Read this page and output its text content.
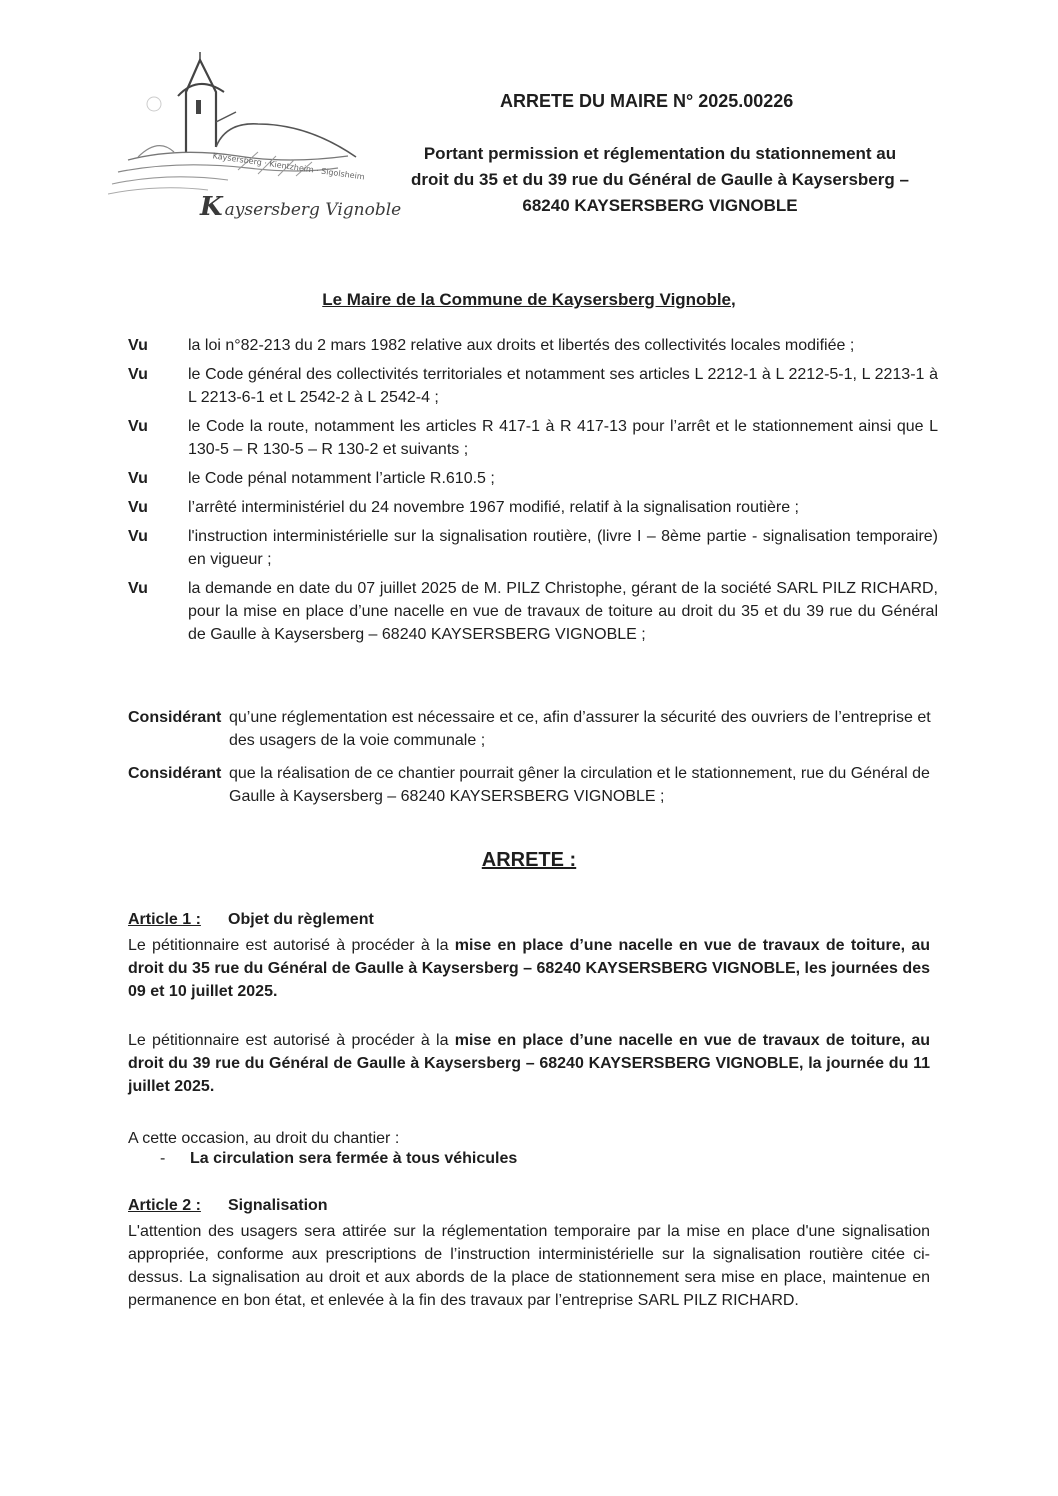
Kaysersberg Vignoble
Kaysersberg · Kientzheim · Sigolsheim
ARRETE DU MAIRE N° 2025.00226
Portant permission et réglementation du stationnement au
droit du 35 et du 39 rue du Général de Gaulle à Kaysersberg –
68240 KAYSERSBERG VIGNOBLE
Le Maire de la Commune de Kaysersberg Vignoble,
Vu	la loi n°82-213 du 2 mars 1982 relative aux droits et libertés des collectivités locales modifiée ;
Vu	le Code général des collectivités territoriales et notamment ses articles L 2212-1 à L 2212-5-1, L 2213-1 à L 2213-6-1 et L 2542-2 à L 2542-4 ;
Vu	le Code la route, notamment les articles R 417-1 à R 417-13 pour l’arrêt et le stationnement ainsi que L 130-5 – R 130-5 – R 130-2 et suivants ;
Vu	le Code pénal notamment l’article R.610.5 ;
Vu	l’arrêté interministériel du 24 novembre 1967 modifié, relatif à la signalisation routière ;
Vu	l'instruction interministérielle sur la signalisation routière, (livre I – 8ème partie - signalisation temporaire) en vigueur ;
Vu	la demande en date du 07 juillet 2025 de M. PILZ Christophe, gérant de la société SARL PILZ RICHARD, pour la mise en place d’une nacelle en vue de travaux de toiture au droit du 35 et du 39 rue du Général de Gaulle à Kaysersberg – 68240 KAYSERSBERG VIGNOBLE ;
Considérant qu’une réglementation est nécessaire et ce, afin d’assurer la sécurité des ouvriers de l’entreprise et des usagers de la voie communale ;
Considérant que la réalisation de ce chantier pourrait gêner la circulation et le stationnement, rue du Général de Gaulle à Kaysersberg – 68240 KAYSERSBERG VIGNOBLE ;
ARRETE :
Article 1 : Objet du règlement
Le pétitionnaire est autorisé à procéder à la mise en place d’une nacelle en vue de travaux de toiture, au droit du 35 rue du Général de Gaulle à Kaysersberg – 68240 KAYSERSBERG VIGNOBLE, les journées des 09 et 10 juillet 2025.
Le pétitionnaire est autorisé à procéder à la mise en place d’une nacelle en vue de travaux de toiture, au droit du 39 rue du Général de Gaulle à Kaysersberg – 68240 KAYSERSBERG VIGNOBLE, la journée du 11 juillet 2025.
A cette occasion, au droit du chantier :
- La circulation sera fermée à tous véhicules
Article 2 : Signalisation
L'attention des usagers sera attirée sur la réglementation temporaire par la mise en place d'une signalisation appropriée, conforme aux prescriptions de l’instruction interministérielle sur la signalisation routière citée ci-dessus. La signalisation au droit et aux abords de la place de stationnement sera mise en place, maintenue en permanence en bon état, et enlevée à la fin des travaux par l’entreprise SARL PILZ RICHARD.
